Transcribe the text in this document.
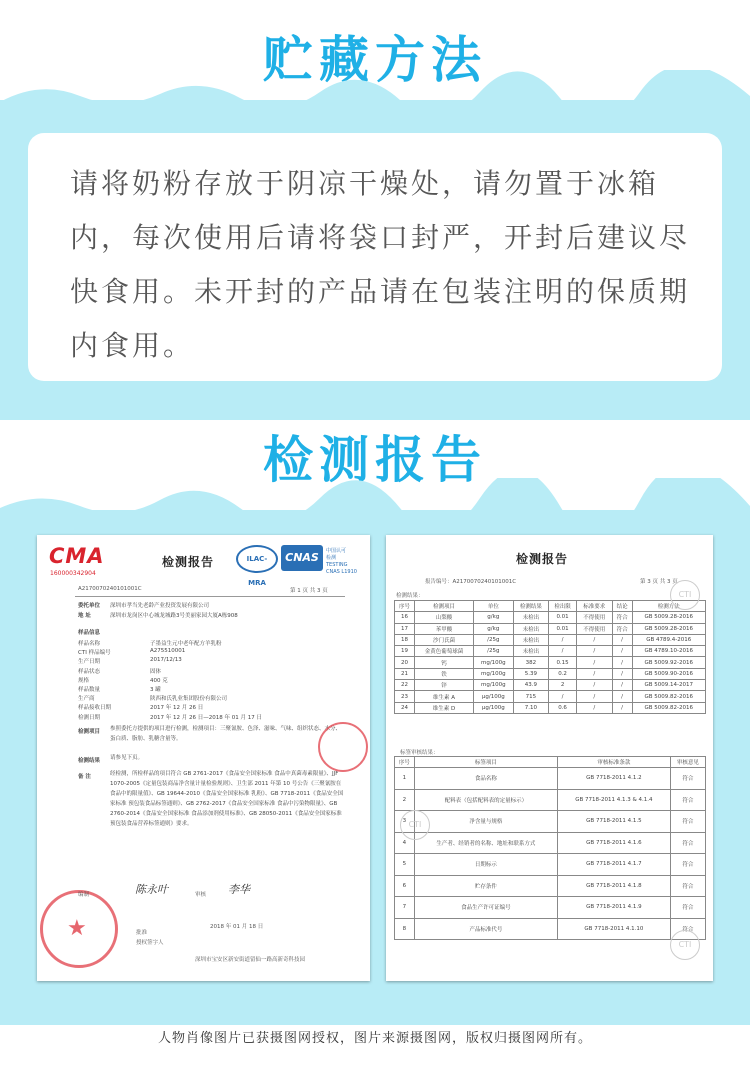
贮藏方法
请将奶粉存放于阴凉干燥处，请勿置于冰箱内，每次使用后请将袋口封严，开封后建议尽快食用。未开封的产品请在包装注明的保质期内食用。
检测报告
CMA
160000342904
检测报告	ILAC-MRA
CNAS	中国认可
检测
TESTING
CNAS L1910
A2170070240101001C	第 1 页 共 3 页
委托单位 深圳市孝当先老龄产业投资发展有限公司
地 址	深圳市龙岗区中心城龙城路3号美丽家园大厦A栋908
样品信息
样品名称	子墨益生元中老年配方羊乳粉
CTI 样品编号	A275510001
生产日期	2017/12/13
样品状态	固体
规格	400 克
样品数量	3 罐
生产商	陕西和氏乳业集团股份有限公司
样品接收日期	2017 年 12 月 26 日
检测日期	2017 年 12 月 26 日—2018 年 01 月 17 日
检测项目 参照委托方提供的项目进行检测，检测项目：三聚氰胺、色泽、滋味、气味、组织状态、水分、蛋白质、脂肪、乳糖含量等。
检测结果 请参见下页。
备 注	经检测，所检样品的项目符合 GB 2761-2017《食品安全国家标准 食品中真菌毒素限量》、JJF 1070-2005《定量包装商品净含量计量检验规则》、卫生部 2011 年第 10 号公告《三聚氰胺在食品中的限量值》、GB 19644-2010《食品安全国家标准 乳粉》、GB 7718-2011《食品安全国家标准 预包装食品标签通则》、GB 2762-2017《食品安全国家标准 食品中污染物限量》、GB 2760-2014《食品安全国家标准 食品添加剂使用标准》、GB 28050-2011《食品安全国家标准 预包装食品营养标签通则》要求。
★
编制	陈永叶	审核 李华
批准
授权签字人
2018 年 01 月 18 日
深圳市宝安区新安街道留仙一路高新奇科技园
检测报告
报告编号：A2170070240101001C	第 3 页 共 3 页
检测结果：
序号	检测项目	单位	检测结果	检出限	标准要求	结论	检测方法
16	山梨酸	g/kg	未检出	0.01	不得使用	符合	GB 5009.28-2016
17	苯甲酸	g/kg	未检出	0.01	不得使用	符合	GB 5009.28-2016
18	沙门氏菌	/25g	未检出	/	/	/	GB 4789.4-2016
19	金黄色葡萄球菌	/25g	未检出	/	/	/	GB 4789.10-2016
20	钙	mg/100g	382	0.15	/	/	GB 5009.92-2016
21	铁	mg/100g	5.39	0.2	/	/	GB 5009.90-2016
22	锌	mg/100g	43.9	2	/	/	GB 5009.14-2017
23	维生素 A	μg/100g	715	/	/	/	GB 5009.82-2016
24	维生素 D	μg/100g	7.10	0.6	/	/	GB 5009.82-2016
标签审核结果：
序号	标签项目	审核标准条款	审核意见
1	食品名称	GB 7718-2011 4.1.2	符合
2	配料表（包括配料表的定量标示）	GB 7718-2011 4.1.3 & 4.1.4	符合
3	净含量与规格	GB 7718-2011 4.1.5	符合
4	生产者、经销者的名称、地址和联系方式	GB 7718-2011 4.1.6	符合
5	日期标示	GB 7718-2011 4.1.7	符合
6	贮存条件	GB 7718-2011 4.1.8	符合
7	食品生产许可证编号	GB 7718-2011 4.1.9	符合
8	产品标准代号	GB 7718-2011 4.1.10	符合
CTI
CTI
CTI
人物肖像图片已获摄图网授权，图片来源摄图网，版权归摄图网所有。
